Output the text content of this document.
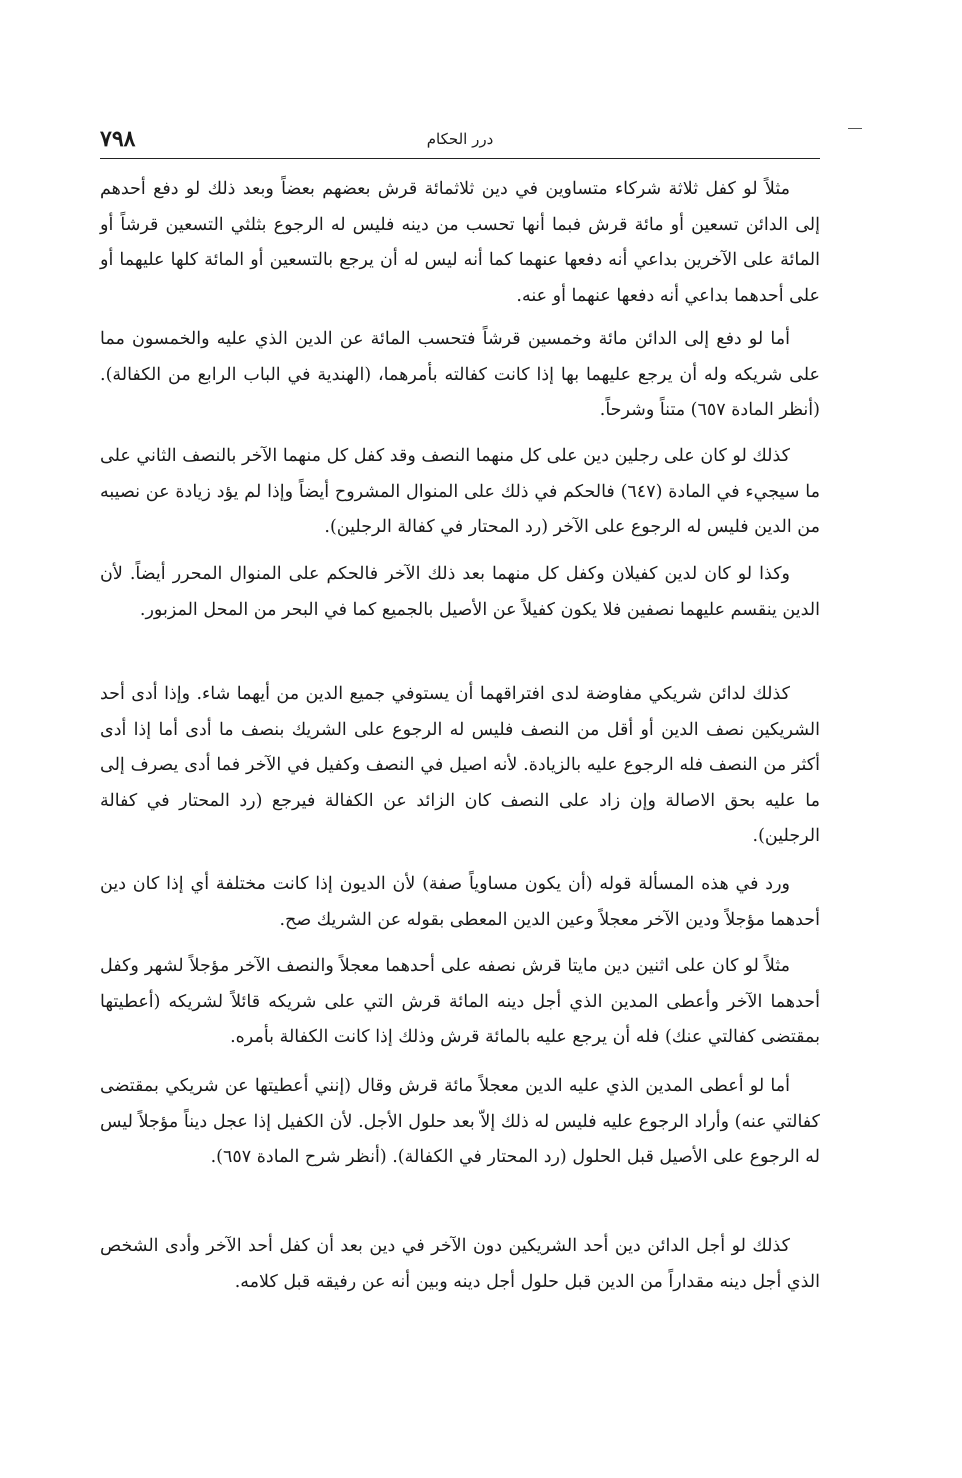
٧٩٨	درر الحكام

مثلاً لو كفل ثلاثة شركاء متساوين في دين ثلاثمائة قرش بعضهم بعضاً وبعد ذلك لو دفع أحدهم إلى الدائن تسعين أو مائة قرش فبما أنها تحسب من دينه فليس له الرجوع بثلثي التسعين قرشاً أو المائة على الآخرين بداعي أنه دفعها عنهما كما أنه ليس له أن يرجع بالتسعين أو المائة كلها عليهما أو على أحدهما بداعي أنه دفعها عنهما أو عنه.

أما لو دفع إلى الدائن مائة وخمسين قرشاً فتحسب المائة عن الدين الذي عليه والخمسون مما على شريكه وله أن يرجع عليهما بها إذا كانت كفالته بأمرهما، (الهندية في الباب الرابع من الكفالة). (أنظر المادة ٦٥٧) متناً وشرحاً.

كذلك لو كان على رجلين دين على كل منهما النصف وقد كفل كل منهما الآخر بالنصف الثاني على ما سيجيء في المادة (٦٤٧) فالحكم في ذلك على المنوال المشروح أيضاً وإذا لم يؤد زيادة عن نصيبه من الدين فليس له الرجوع على الآخر (رد المحتار في كفالة الرجلين).

وكذا لو كان لدين كفيلان وكفل كل منهما بعد ذلك الآخر فالحكم على المنوال المحرر أيضاً. لأن الدين ينقسم عليهما نصفين فلا يكون كفيلاً عن الأصيل بالجميع كما في البحر من المحل المزبور.

كذلك لدائن شريكي مفاوضة لدى افتراقهما أن يستوفي جميع الدين من أيهما شاء. وإذا أدى أحد الشريكين نصف الدين أو أقل من النصف فليس له الرجوع على الشريك بنصف ما أدى أما إذا أدى أكثر من النصف فله الرجوع عليه بالزيادة. لأنه اصيل في النصف وكفيل في الآخر فما أدى يصرف إلى ما عليه بحق الاصالة وإن زاد على النصف كان الزائد عن الكفالة فيرجع (رد المحتار في كفالة الرجلين).

ورد في هذه المسألة قوله (أن يكون مساوياً صفة) لأن الديون إذا كانت مختلفة أي إذا كان دين أحدهما مؤجلاً ودين الآخر معجلاً وعين الدين المعطى بقوله عن الشريك صح.

مثلاً لو كان على اثنين دين مايتا قرش نصفه على أحدهما معجلاً والنصف الآخر مؤجلاً لشهر وكفل أحدهما الآخر وأعطى المدين الذي أجل دينه المائة قرش التي على شريكه قائلاً لشريكه (أعطيتها بمقتضى كفالتي عنك) فله أن يرجع عليه بالمائة قرش وذلك إذا كانت الكفالة بأمره.

أما لو أعطى المدين الذي عليه الدين معجلاً مائة قرش وقال (إنني أعطيتها عن شريكي بمقتضى كفالتي عنه) وأراد الرجوع عليه فليس له ذلك إلاّ بعد حلول الأجل. لأن الكفيل إذا عجل ديناً مؤجلاً ليس له الرجوع على الأصيل قبل الحلول (رد المحتار في الكفالة). (أنظر شرح المادة ٦٥٧).

كذلك لو أجل الدائن دين أحد الشريكين دون الآخر في دين بعد أن كفل أحد الآخر وأدى الشخص الذي أجل دينه مقداراً من الدين قبل حلول أجل دينه وبين أنه عن رفيقه قبل كلامه.
